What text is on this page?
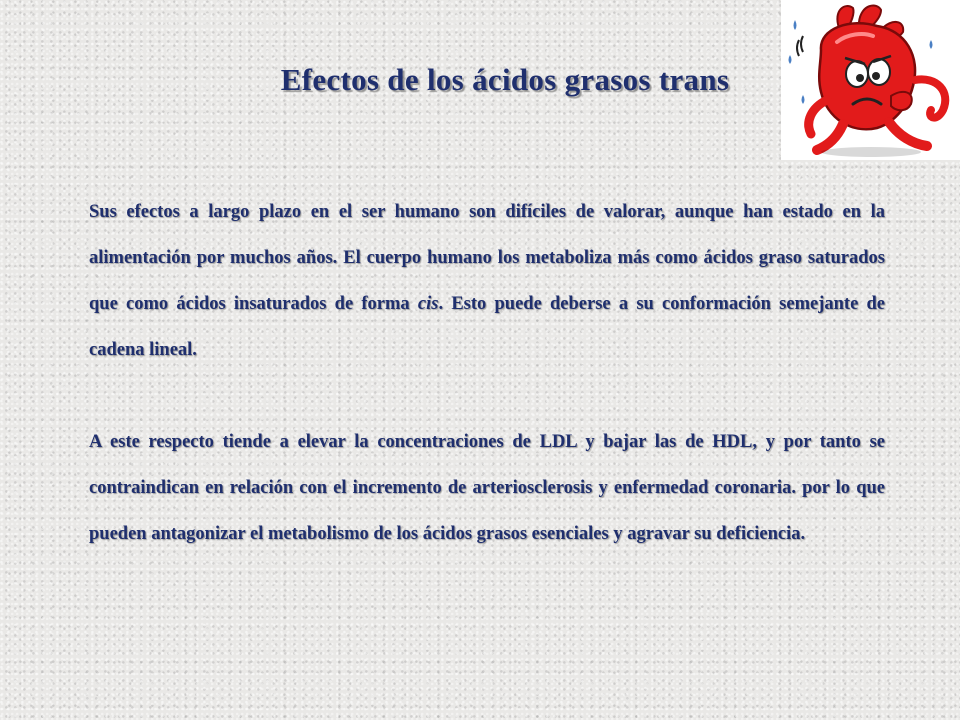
Efectos de los ácidos grasos trans

Sus efectos a largo plazo en el ser humano son difíciles de valorar, aunque han estado en la alimentación por muchos años. El cuerpo humano los metaboliza más como ácidos graso saturados que como ácidos insaturados de forma cis. Esto puede deberse a su conformación semejante de cadena lineal.

A este respecto tiende a elevar la concentraciones de LDL y bajar las de HDL, y por tanto se contraindican en relación con el incremento de arteriosclerosis y enfermedad coronaria. por lo que pueden antagonizar el metabolismo de los ácidos grasos esenciales y agravar su deficiencia.
